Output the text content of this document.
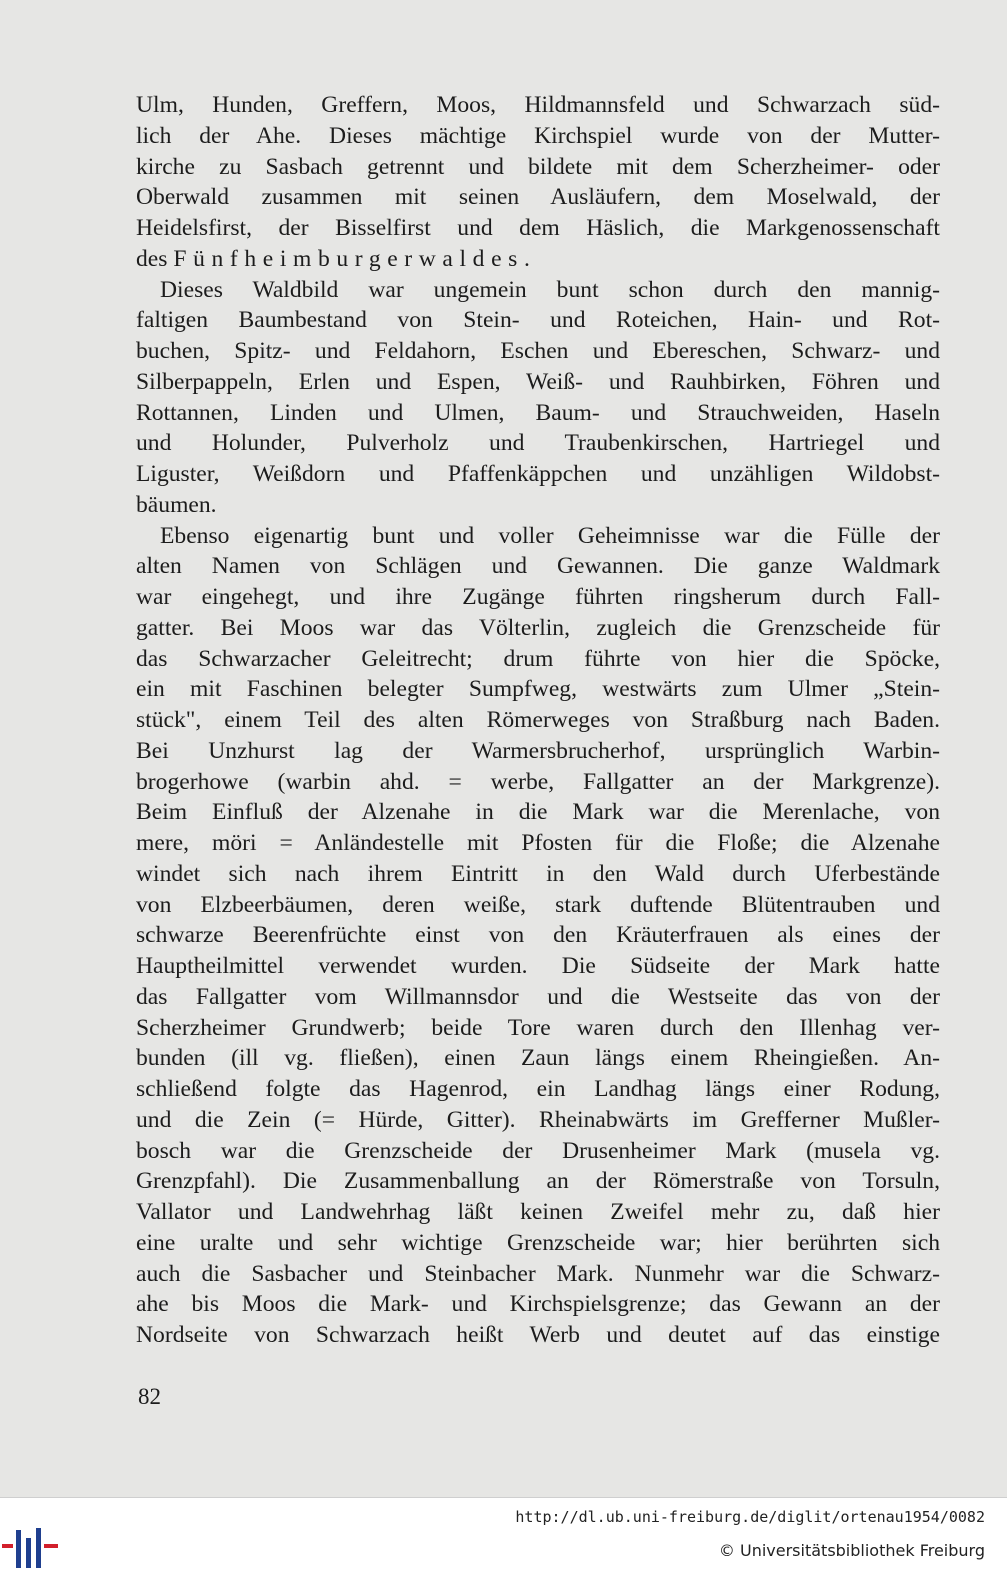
Ulm, Hunden, Greffern, Moos, Hildmannsfeld und Schwarzach süd-
lich der Ahe. Dieses mächtige Kirchspiel wurde von der Mutter-
kirche zu Sasbach getrennt und bildete mit dem Scherzheimer- oder
Oberwald zusammen mit seinen Ausläufern, dem Moselwald, der
Heidelsfirst, der Bisselfirst und dem Häslich, die Markgenossenschaft
des Fünfheimburgerwaldes.
Dieses Waldbild war ungemein bunt schon durch den mannig-
faltigen Baumbestand von Stein- und Roteichen, Hain- und Rot-
buchen, Spitz- und Feldahorn, Eschen und Ebereschen, Schwarz- und
Silberpappeln, Erlen und Espen, Weiß- und Rauhbirken, Föhren und
Rottannen, Linden und Ulmen, Baum- und Strauchweiden, Haseln
und Holunder, Pulverholz und Traubenkirschen, Hartriegel und
Liguster, Weißdorn und Pfaffenkäppchen und unzähligen Wildobst-
bäumen.
Ebenso eigenartig bunt und voller Geheimnisse war die Fülle der
alten Namen von Schlägen und Gewannen. Die ganze Waldmark
war eingehegt, und ihre Zugänge führten ringsherum durch Fall-
gatter. Bei Moos war das Völterlin, zugleich die Grenzscheide für
das Schwarzacher Geleitrecht; drum führte von hier die Spöcke,
ein mit Faschinen belegter Sumpfweg, westwärts zum Ulmer „Stein-
stück", einem Teil des alten Römerweges von Straßburg nach Baden.
Bei Unzhurst lag der Warmersbrucherhof, ursprünglich Warbin-
brogerhowe (warbin ahd. = werbe, Fallgatter an der Markgrenze).
Beim Einfluß der Alzenahe in die Mark war die Merenlache, von
mere, möri = Anländestelle mit Pfosten für die Floße; die Alzenahe
windet sich nach ihrem Eintritt in den Wald durch Uferbestände
von Elzbeerbäumen, deren weiße, stark duftende Blütentrauben und
schwarze Beerenfrüchte einst von den Kräuterfrauen als eines der
Hauptheilmittel verwendet wurden. Die Südseite der Mark hatte
das Fallgatter vom Willmannsdor und die Westseite das von der
Scherzheimer Grundwerb; beide Tore waren durch den Illenhag ver-
bunden (ill vg. fließen), einen Zaun längs einem Rheingießen. An-
schließend folgte das Hagenrod, ein Landhag längs einer Rodung,
und die Zein (= Hürde, Gitter). Rheinabwärts im Grefferner Mußler-
bosch war die Grenzscheide der Drusenheimer Mark (musela vg.
Grenzpfahl). Die Zusammenballung an der Römerstraße von Torsuln,
Vallator und Landwehrhag läßt keinen Zweifel mehr zu, daß hier
eine uralte und sehr wichtige Grenzscheide war; hier berührten sich
auch die Sasbacher und Steinbacher Mark. Nunmehr war die Schwarz-
ahe bis Moos die Mark- und Kirchspielsgrenze; das Gewann an der
Nordseite von Schwarzach heißt Werb und deutet auf das einstige
82
http://dl.ub.uni-freiburg.de/diglit/ortenau1954/0082
© Universitätsbibliothek Freiburg
